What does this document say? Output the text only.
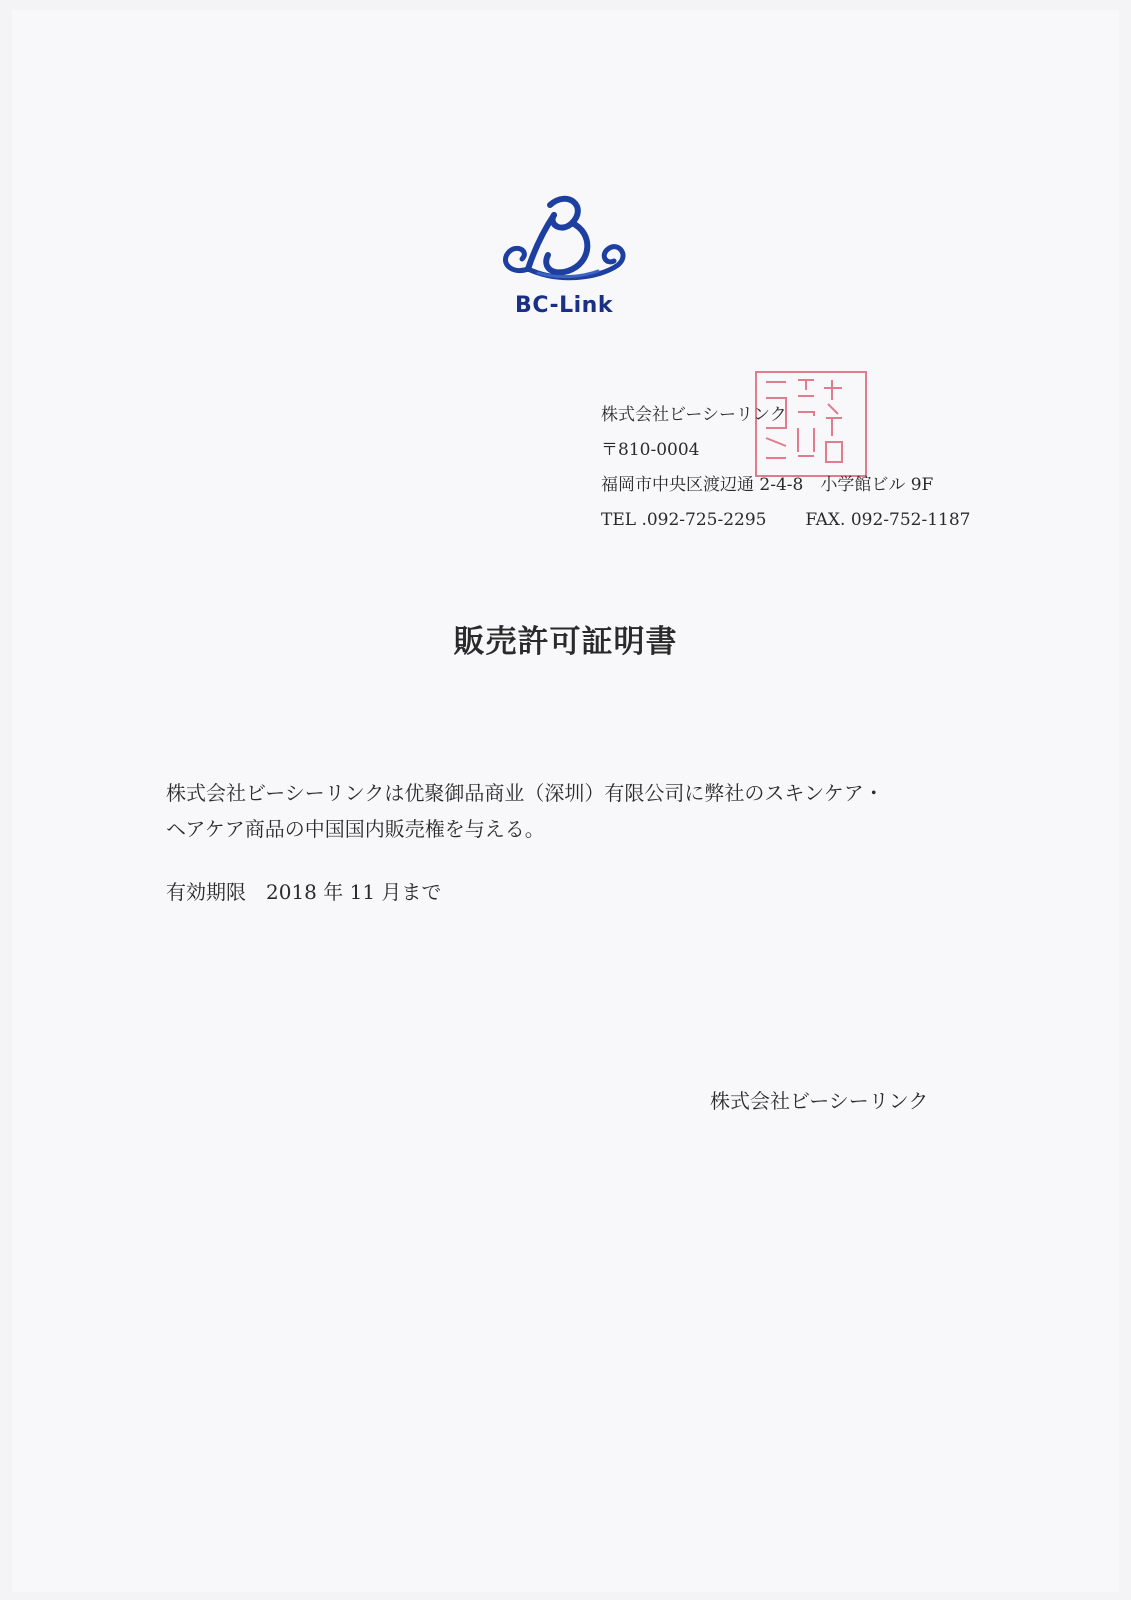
BC-Link
株式会社ビーシーリンク
〒810-0004
福岡市中央区渡辺通 2-4-8　小学館ビル 9F
TEL .092-725-2295 FAX. 092-752-1187
販売許可証明書
株式会社ビーシーリンクは优聚御品商业（深圳）有限公司に弊社のスキンケア・
ヘアケア商品の中国国内販売権を与える。
有効期限　2018 年 11 月まで
株式会社ビーシーリンク
